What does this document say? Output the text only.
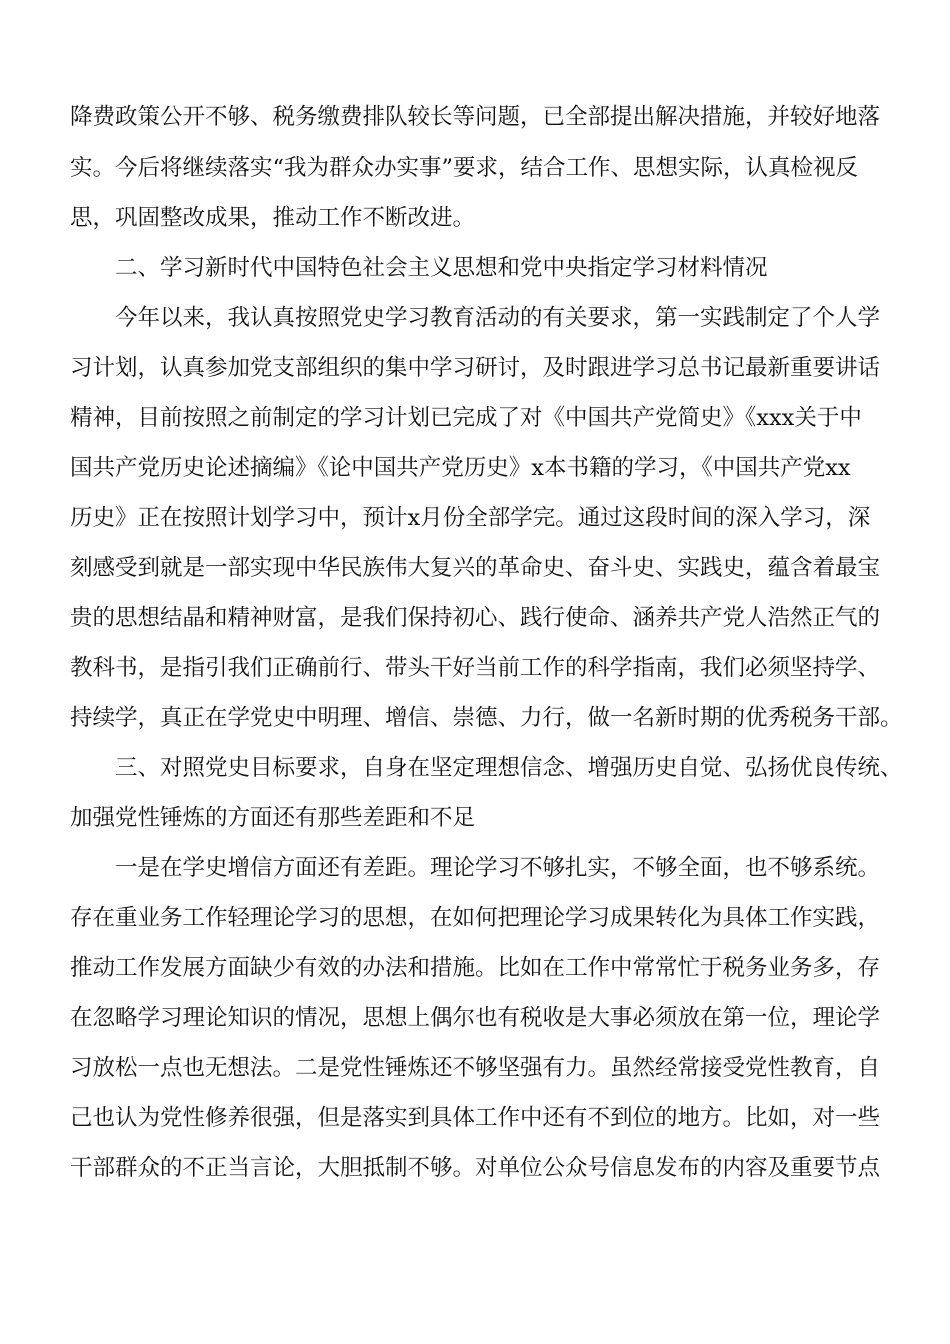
降费政策公开不够、税务缴费排队较长等问题，已全部提出解决措施，并较好地落
实。今后将继续落实“我为群众办实事”要求，结合工作、思想实际，认真检视反
思，巩固整改成果，推动工作不断改进。
二、学习新时代中国特色社会主义思想和党中央指定学习材料情况
今年以来，我认真按照党史学习教育活动的有关要求，第一实践制定了个人学
习计划，认真参加党支部组织的集中学习研讨，及时跟进学习总书记最新重要讲话
精神，目前按照之前制定的学习计划已完成了对《中国共产党简史》《xxx关于中
国共产党历史论述摘编》《论中国共产党历史》x本书籍的学习，《中国共产党xx
历史》正在按照计划学习中，预计x月份全部学完。通过这段时间的深入学习，深
刻感受到就是一部实现中华民族伟大复兴的革命史、奋斗史、实践史，蕴含着最宝
贵的思想结晶和精神财富，是我们保持初心、践行使命、涵养共产党人浩然正气的
教科书，是指引我们正确前行、带头干好当前工作的科学指南，我们必须坚持学、
持续学，真正在学党史中明理、增信、崇德、力行，做一名新时期的优秀税务干部。
三、对照党史目标要求，自身在坚定理想信念、增强历史自觉、弘扬优良传统、
加强党性锤炼的方面还有那些差距和不足
一是在学史增信方面还有差距。理论学习不够扎实，不够全面，也不够系统。
存在重业务工作轻理论学习的思想，在如何把理论学习成果转化为具体工作实践，
推动工作发展方面缺少有效的办法和措施。比如在工作中常常忙于税务业务多，存
在忽略学习理论知识的情况，思想上偶尔也有税收是大事必须放在第一位，理论学
习放松一点也无想法。二是党性锤炼还不够坚强有力。虽然经常接受党性教育，自
己也认为党性修养很强，但是落实到具体工作中还有不到位的地方。比如，对一些
干部群众的不正当言论，大胆抵制不够。对单位公众号信息发布的内容及重要节点
